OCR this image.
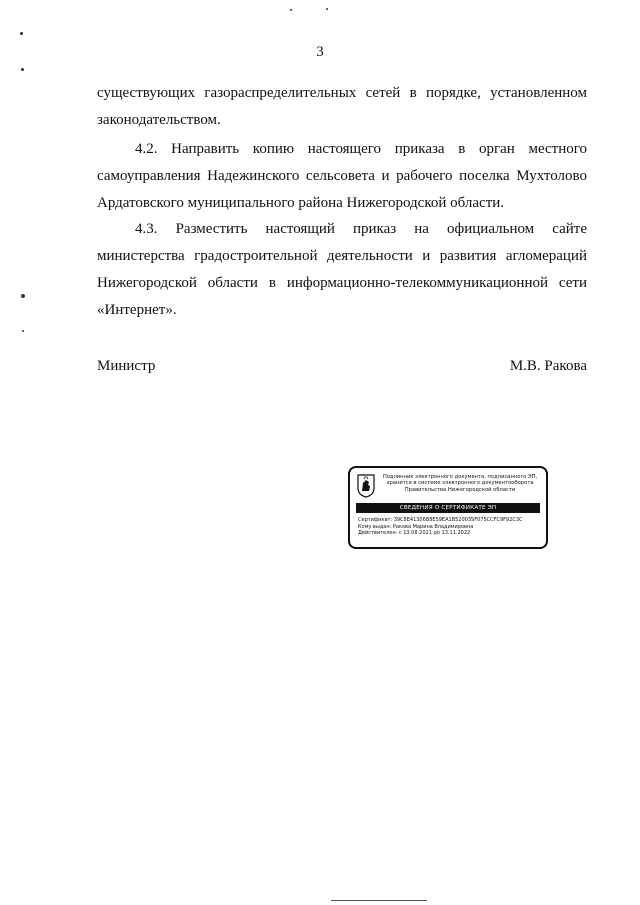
3
существующих газораспределительных сетей в порядке, установленном законодательством.
4.2. Направить копию настоящего приказа в орган местного самоуправления Надежинского сельсовета и рабочего поселка Мухтолово Ардатовского муниципального района Нижегородской области.
4.3. Разместить настоящий приказ на официальном сайте министерства градостроительной деятельности и развития агломераций Нижегородской области в информационно-телекоммуникационной сети «Интернет».
Министр	М.В. Ракова
Подлинник электронного документа, подписанного ЭП,
хранится в системе электронного документооборота
Правительства Нижегородской области
СВЕДЕНИЯ О СЕРТИФИКАТЕ ЭП
Сертификат: 39C8E41306B8E59EA1B52003SF075CCFC9F92C3C
Кому выдан: Ракова Марина Владимировна
Действителен: с 13.08.2021 до 13.11.2022
